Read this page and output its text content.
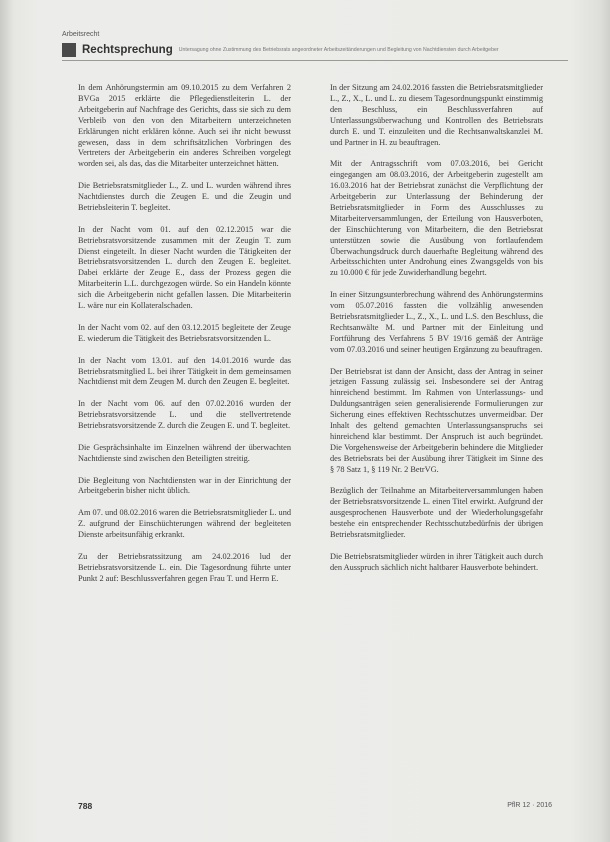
Arbeitsrecht
Rechtsprechung Untersagung ohne Zustimmung des Betriebsrats angeordneter Arbeitszeitänderungen und Begleitung von Nachtdiensten durch Arbeitgeber

In dem Anhörungstermin am 09.10.2015 zu dem Verfahren 2 BVGa 2015 erklärte die Pflegedienstleiterin L. der Arbeitgeberin auf Nachfrage des Gerichts, dass sie sich zu dem Verbleib von den von den Mitarbeitern unterzeichneten Erklärungen nicht erklären könne. Auch sei ihr nicht bewusst gewesen, dass in dem schriftsätzlichen Vorbringen des Vertreters der Arbeitgeberin ein anderes Schreiben vorgelegt worden sei, als das, das die Mitarbeiter unterzeichnet hätten.

Die Betriebsratsmitglieder L., Z. und L. wurden während ihres Nachtdienstes durch die Zeugen E. und die Zeugin und Betriebsleiterin T. begleitet.

In der Nacht vom 01. auf den 02.12.2015 war die Betriebsratsvorsitzende zusammen mit der Zeugin T. zum Dienst eingeteilt. In dieser Nacht wurden die Tätigkeiten der Betriebsratsvorsitzenden L. durch den Zeugen E. begleitet. Dabei erklärte der Zeuge E., dass der Prozess gegen die Mitarbeiterin L.L. durchgezogen würde. So ein Handeln könnte sich die Arbeitgeberin nicht gefallen lassen. Die Mitarbeiterin L. wäre nur ein Kollateralschaden.

In der Nacht vom 02. auf den 03.12.2015 begleitete der Zeuge E. wiederum die Tätigkeit des Betriebsratsvorsitzenden L.

In der Nacht vom 13.01. auf den 14.01.2016 wurde das Betriebsratsmitglied L. bei ihrer Tätigkeit in dem gemeinsamen Nachtdienst mit dem Zeugen M. durch den Zeugen E. begleitet.

In der Nacht vom 06. auf den 07.02.2016 wurden der Betriebsratsvorsitzende L. und die stellvertretende Betriebsratsvorsitzende Z. durch die Zeugen E. und T. begleitet.

Die Gesprächsinhalte im Einzelnen während der überwachten Nachtdienste sind zwischen den Beteiligten streitig.

Die Begleitung von Nachtdiensten war in der Einrichtung der Arbeitgeberin bisher nicht üblich.

Am 07. und 08.02.2016 waren die Betriebsratsmitglieder L. und Z. aufgrund der Einschüchterungen während der begleiteten Dienste arbeitsunfähig erkrankt.

Zu der Betriebsratssitzung am 24.02.2016 lud der Betriebsratsvorsitzende L. ein. Die Tagesordnung führte unter Punkt 2 auf: Beschlussverfahren gegen Frau T. und Herrn E.

In der Sitzung am 24.02.2016 fassten die Betriebsratsmitglieder L., Z., X., L. und L. zu diesem Tagesordnungspunkt einstimmig den Beschluss, ein Beschlussverfahren auf Unterlassungsüberwachung und Kontrollen des Betriebsrats durch E. und T. einzuleiten und die Rechtsanwaltskanzlei M. und Partner in H. zu beauftragen.

Mit der Antragsschrift vom 07.03.2016, bei Gericht eingegangen am 08.03.2016, der Arbeitgeberin zugestellt am 16.03.2016 hat der Betriebsrat zunächst die Verpflichtung der Arbeitgeberin zur Unterlassung der Behinderung der Betriebsratsmitglieder in Form des Ausschlusses zu Mitarbeiterversammlungen, der Erteilung von Hausverboten, der Einschüchterung von Mitarbeitern, die den Betriebsrat unterstützen sowie die Ausübung von fortlaufendem Überwachungsdruck durch dauerhafte Begleitung während des Arbeitsschichten unter Androhung eines Zwangsgelds von bis zu 10.000 € für jede Zuwiderhandlung begehrt.

In einer Sitzungsunterbrechung während des Anhörungstermins vom 05.07.2016 fassten die vollzählig anwesenden Betriebsratsmitglieder L., Z., X., L. und L.S. den Beschluss, die Rechtsanwälte M. und Partner mit der Einleitung und Fortführung des Verfahrens 5 BV 19/16 gemäß der Anträge vom 07.03.2016 und seiner heutigen Ergänzung zu beauftragen.

Der Betriebsrat ist dann der Ansicht, dass der Antrag in seiner jetzigen Fassung zulässig sei. Insbesondere sei der Antrag hinreichend bestimmt. Im Rahmen von Unterlassungs- und Duldungsanträgen seien generalisierende Formulierungen zur Sicherung eines effektiven Rechtsschutzes unvermeidbar. Der Inhalt des geltend gemachten Unterlassungsanspruchs sei hinreichend klar bestimmt. Der Anspruch ist auch begründet. Die Vorgehensweise der Arbeitgeberin behindere die Mitglieder des Betriebsrats bei der Ausübung ihrer Tätigkeit im Sinne des § 78 Satz 1, § 119 Nr. 2 BetrVG.

Bezüglich der Teilnahme an Mitarbeiterversammlungen haben der Betriebsratsvorsitzende L. einen Titel erwirkt. Aufgrund der ausgesprochenen Hausverbote und der Wiederholungsgefahr bestehe ein entsprechender Rechtsschutzbedürfnis der übrigen Betriebsratsmitglieder.

Die Betriebsratsmitglieder würden in ihrer Tätigkeit auch durch den Ausspruch sächlich nicht haltbarer Hausverbote behindert.

788	PflR 12 · 2016
